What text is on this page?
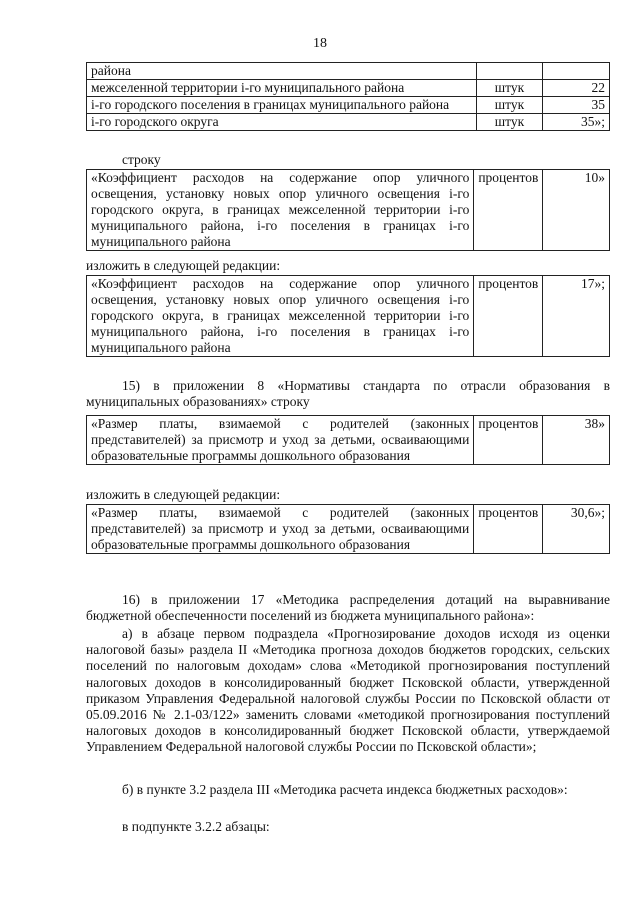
18
района		
межселенной территории i-го муниципального района	штук	22
i-го городского поселения в границах муниципального района	штук	35
i-го городского округа	штук	35»;
строку
«Коэффициент расходов на содержание опор уличного освещения, установку новых опор уличного освещения i-го городского округа, в границах межселенной территории i-го муниципального района, i-го поселения в границах i-го муниципального района	процентов	10»
изложить в следующей редакции:
«Коэффициент расходов на содержание опор уличного освещения, установку новых опор уличного освещения i-го городского округа, в границах межселенной территории i-го муниципального района, i-го поселения в границах i-го муниципального района	процентов	17»;

15) в приложении 8 «Нормативы стандарта по отрасли образования в муниципальных образованиях» строку

«Размер платы, взимаемой с родителей (законных представителей) за присмотр и уход за детьми, осваивающими образовательные программы дошкольного образования	процентов	38»
изложить в следующей редакции:
«Размер платы, взимаемой с родителей (законных представителей) за присмотр и уход за детьми, осваивающими образовательные программы дошкольного образования	процентов	30,6»;

16) в приложении 17 «Методика распределения дотаций на выравнивание бюджетной обеспеченности поселений из бюджета муниципального района»:

а) в абзаце первом подраздела «Прогнозирование доходов исходя из оценки налоговой базы» раздела II «Методика прогноза доходов бюджетов городских, сельских поселений по налоговым доходам» слова «Методикой прогнозирования поступлений налоговых доходов в консолидированный бюджет Псковской области, утвержденной приказом Управления Федеральной налоговой службы России по Псковской области от 05.09.2016 № 2.1-03/122» заменить словами «методикой прогнозирования поступлений налоговых доходов в консолидированный бюджет Псковской области, утверждаемой Управлением Федеральной налоговой службы России по Псковской области»;

б) в пункте 3.2 раздела III «Методика расчета индекса бюджетных расходов»:

в подпункте 3.2.2 абзацы:
